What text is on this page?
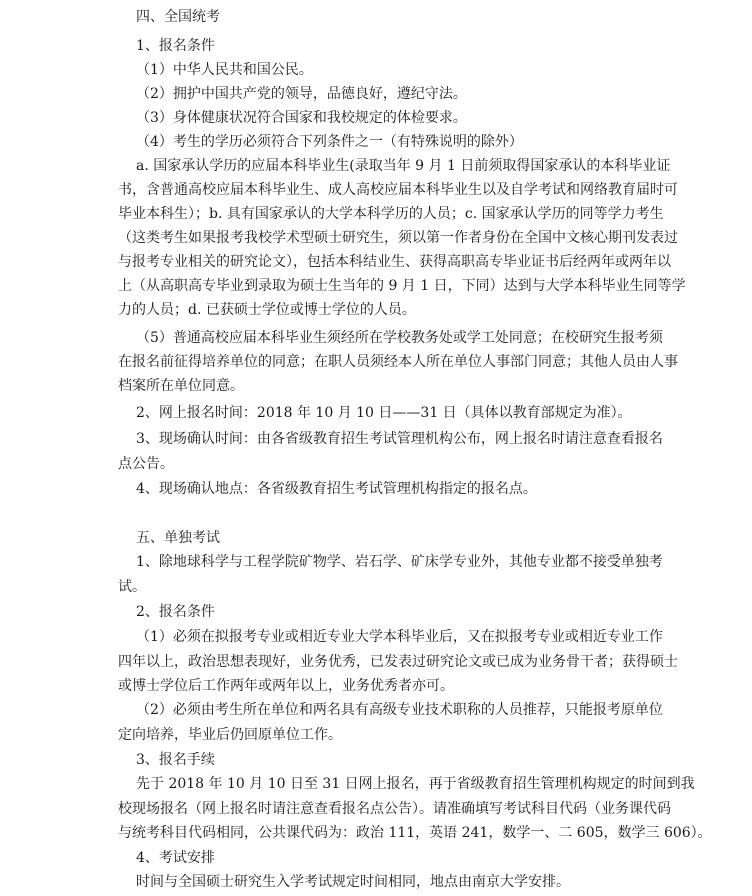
四、全国统考

1、报名条件

（1）中华人民共和国公民。

（2）拥护中国共产党的领导，品德良好，遵纪守法。

（3）身体健康状况符合国家和我校规定的体检要求。

（4）考生的学历必须符合下列条件之一（有特殊说明的除外）

a. 国家承认学历的应届本科毕业生(录取当年 9 月 1 日前须取得国家承认的本科毕业证

书，含普通高校应届本科毕业生、成人高校应届本科毕业生以及自学考试和网络教育届时可

毕业本科生）；b. 具有国家承认的大学本科学历的人员；c. 国家承认学历的同等学力考生

（这类考生如果报考我校学术型硕士研究生，须以第一作者身份在全国中文核心期刊发表过

与报考专业相关的研究论文），包括本科结业生、获得高职高专毕业证书后经两年或两年以

上（从高职高专毕业到录取为硕士生当年的 9 月 1 日，下同）达到与大学本科毕业生同等学

力的人员；d. 已获硕士学位或博士学位的人员。

（5）普通高校应届本科毕业生须经所在学校教务处或学工处同意；在校研究生报考须

在报名前征得培养单位的同意；在职人员须经本人所在单位人事部门同意；其他人员由人事

档案所在单位同意。

2、网上报名时间：2018 年 10 月 10 日——31 日（具体以教育部规定为准）。

3、现场确认时间：由各省级教育招生考试管理机构公布，网上报名时请注意查看报名

点公告。

4、现场确认地点：各省级教育招生考试管理机构指定的报名点。

五、单独考试

1、除地球科学与工程学院矿物学、岩石学、矿床学专业外，其他专业都不接受单独考

试。

2、报名条件

（1）必须在拟报考专业或相近专业大学本科毕业后，又在拟报考专业或相近专业工作

四年以上，政治思想表现好，业务优秀，已发表过研究论文或已成为业务骨干者；获得硕士

或博士学位后工作两年或两年以上，业务优秀者亦可。

（2）必须由考生所在单位和两名具有高级专业技术职称的人员推荐，只能报考原单位

定向培养，毕业后仍回原单位工作。

3、报名手续

先于 2018 年 10 月 10 日至 31 日网上报名，再于省级教育招生管理机构规定的时间到我

校现场报名（网上报名时请注意查看报名点公告）。请准确填写考试科目代码（业务课代码

与统考科目代码相同，公共课代码为：政治 111，英语 241，数学一、二 605，数学三 606）。

4、考试安排

时间与全国硕士研究生入学考试规定时间相同，地点由南京大学安排。
